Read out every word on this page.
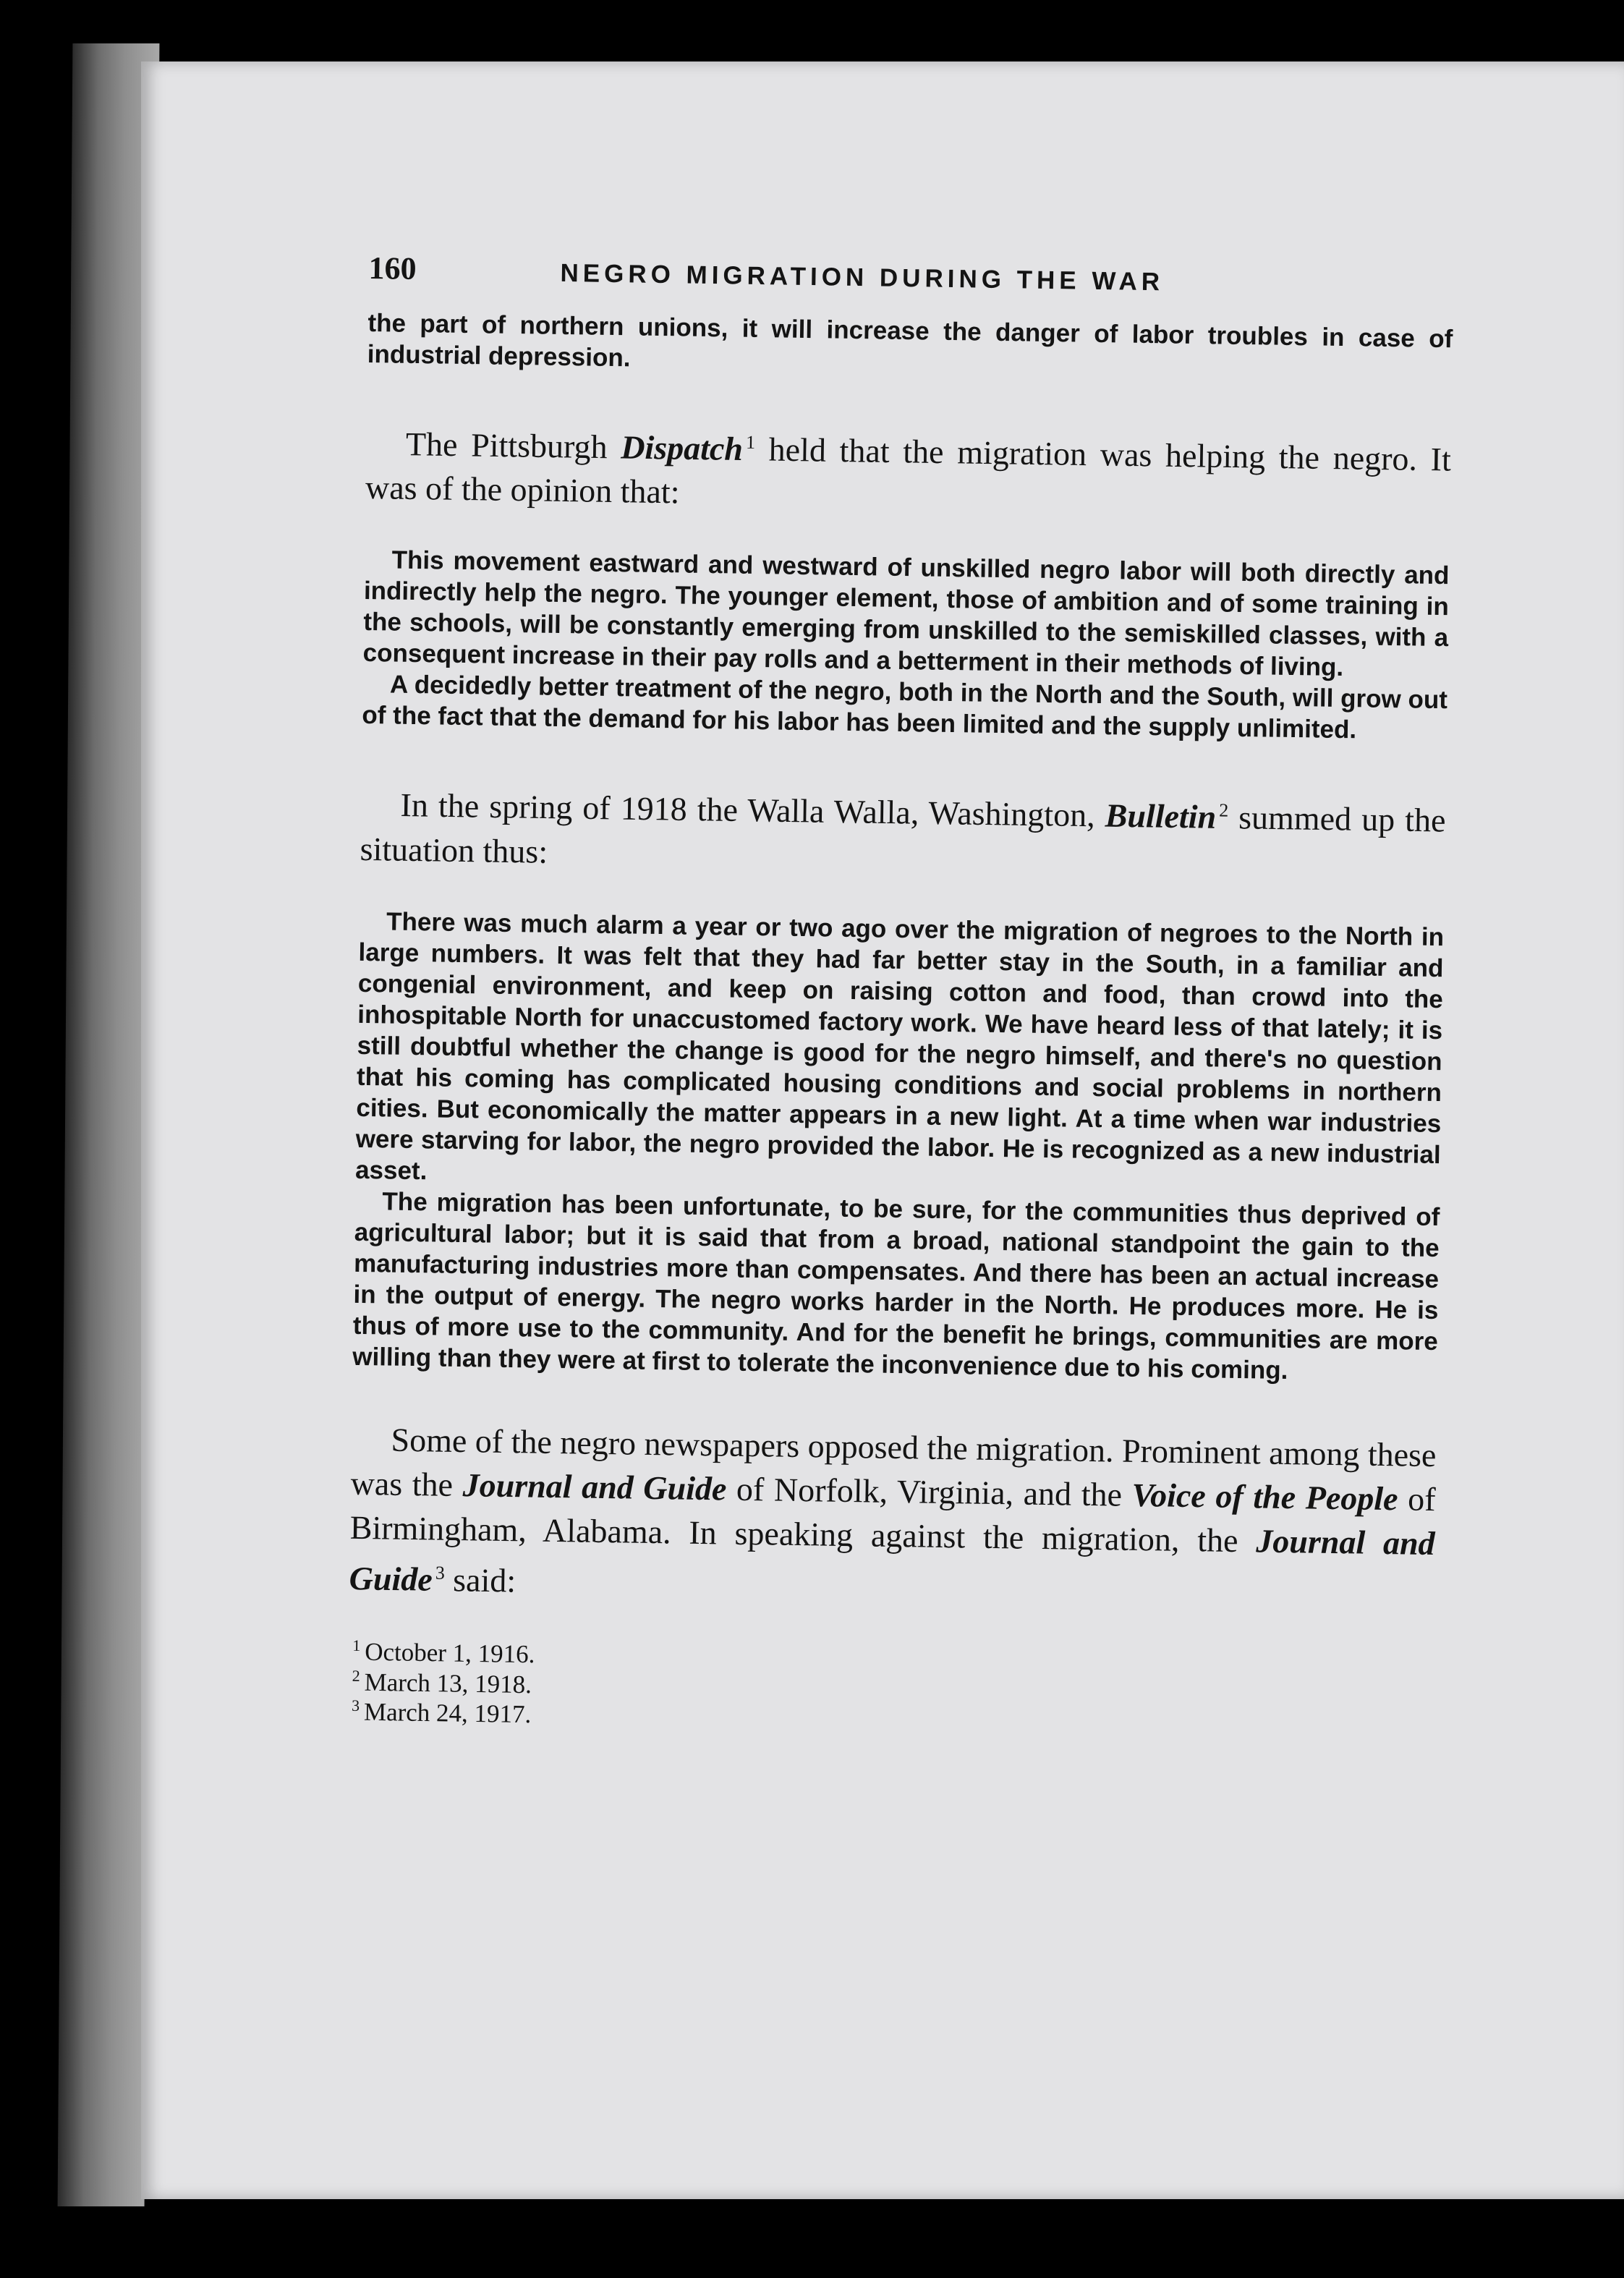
160	NEGRO MIGRATION DURING THE WAR

the part of northern unions, it will increase the danger of labor troubles in case of industrial depression.

The Pittsburgh Dispatch $^1$ held that the migration was helping the negro. It was of the opinion that:

This movement eastward and westward of unskilled negro labor will both directly and indirectly help the negro. The younger element, those of ambition and of some training in the schools, will be constantly emerging from unskilled to the semiskilled classes, with a consequent increase in their pay rolls and a betterment in their methods of living.

A decidedly better treatment of the negro, both in the North and the South, will grow out of the fact that the demand for his labor has been limited and the supply unlimited.

In the spring of 1918 the Walla Walla, Washington, Bulletin $^2$ summed up the situation thus:

There was much alarm a year or two ago over the migration of negroes to the North in large numbers. It was felt that they had far better stay in the South, in a familiar and congenial environment, and keep on raising cotton and food, than crowd into the inhospitable North for unaccustomed factory work. We have heard less of that lately; it is still doubtful whether the change is good for the negro himself, and there's no question that his coming has complicated housing conditions and social problems in northern cities. But economically the matter appears in a new light. At a time when war industries were starving for labor, the negro provided the labor. He is recognized as a new industrial asset.

The migration has been unfortunate, to be sure, for the communities thus deprived of agricultural labor; but it is said that from a broad, national standpoint the gain to the manufacturing industries more than compensates. And there has been an actual increase in the output of energy. The negro works harder in the North. He produces more. He is thus of more use to the community. And for the benefit he brings, communities are more willing than they were at first to tolerate the inconvenience due to his coming.

Some of the negro newspapers opposed the migration. Prominent among these was the Journal and Guide of Norfolk, Virginia, and the Voice of the People of Birmingham, Alabama. In speaking against the migration, the Journal and Guide $^3$ said:

$^1$ October 1, 1916.

$^2$ March 13, 1918.

$^3$ March 24, 1917.
